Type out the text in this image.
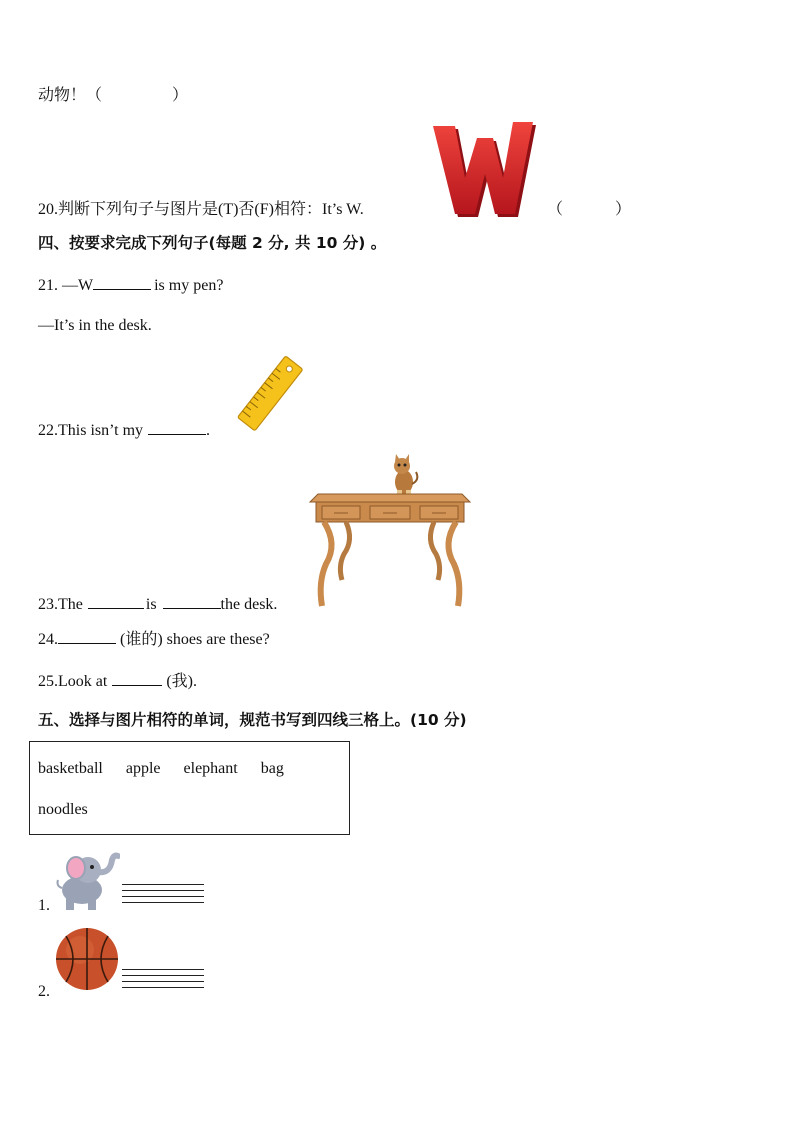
动物！（	）
20.判断下列句子与图片是(T)否(F)相符：It’s W.	（	）
四、按要求完成下列句子(每题 2 分, 共 10 分) 。
21. —W	is my pen?
—It’s in the desk.
22.This isn’t my	.
23.The	is	the desk.
24.	(谁的) shoes are these?
25.Look at	(我).
五、选择与图片相符的单词，规范书写到四线三格上。(10 分)
basketball apple elephant bag
noodles
1.
2.
